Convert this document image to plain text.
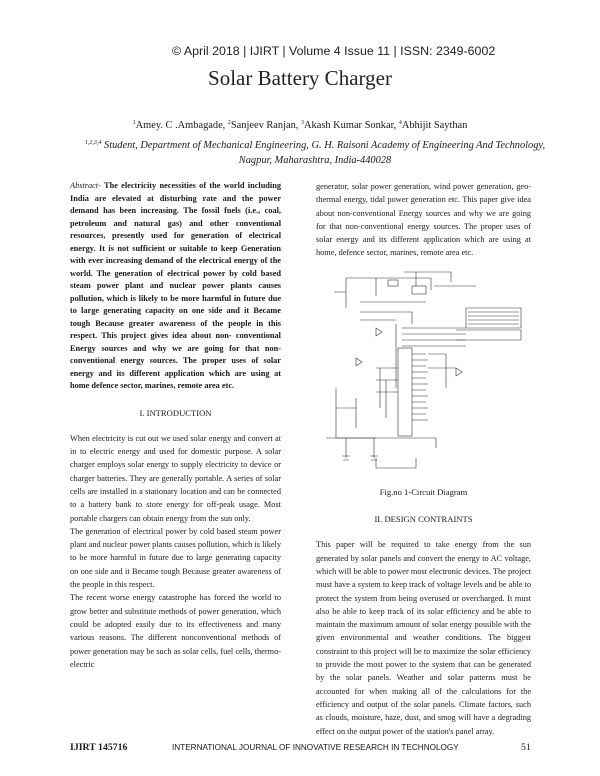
© April 2018 | IJIRT | Volume 4 Issue 11 | ISSN: 2349-6002
Solar Battery Charger
$^1$Amey. C .Ambagade, $^2$Sanjeev Ranjan, $^3$Akash Kumar Sonkar, $^4$Abhijit Saythan
$^{1,2,3,4}$ Student, Department of Mechanical Engineering, G. H. Raisoni Academy of Engineering And Technology, Nagpur, Maharashtra, India-440028

Abstract- The electricity necessities of the world including India are elevated at disturbing rate and the power demand has been increasing. The fossil fuels (i.e., coal, petroleum and natural gas) and other conventional resources, presently used for generation of electrical energy. It is not sufficient or suitable to keep Generation with ever increasing demand of the electrical energy of the world. The generation of electrical power by cold based steam power plant and nuclear power plants causes pollution, which is likely to be more harmful in future due to large generating capacity on one side and it Became tough Because greater awareness of the people in this respect. This project gives idea about non- conventional Energy sources and why we are going for that non-conventional energy sources. The proper uses of solar energy and its different application which are using at home defence sector, marines, remote area etc.

I. INTRODUCTION

When electricity is cut out we used solar energy and convert at in to electric energy and used for domestic purpose. A solar charger employs solar energy to supply electricity to device or charger batteries. They are generally portable. A series of solar cells are installed in a stationary location and can be connected to a battery bank to store energy for off-peak usage. Most portable chargers can obtain energy from the sun only.

The generation of electrical power by cold based steam power plant and nuclear power plants causes pollution, which is likely to be more harmful in future due to large generating capacity on one side and it Became tough Because greater awareness of the people in this respect.

The recent worse energy catastrophe has forced the world to grow better and substitute methods of power generation, which could be adopted easily due to its effectiveness and many various reasons. The different nonconventional methods of power generation may be such as solar cells, fuel cells, thermo-electric

generator, solar power generation, wind power generation, geo-thermal energy, tidal power generation etc. This paper give idea about non-conventional Energy sources and why we are going for that non-conventional energy sources. The proper uses of solar energy and its different application which are using at home, defence sector, marines, remote area etc.

Fig.no 1-Circuit Diagram
II. DESIGN CONTRAINTS

This paper will be required to take energy from the sun generated by solar panels and convert the energy to AC voltage, which will be able to power most electronic devices. The project must have a system to keep track of voltage levels and be able to protect the system from being overused or overcharged. It must also be able to keep track of its solar efficiency and be able to maintain the maximum amount of solar energy possible with the given environmental and weather conditions. The biggest constraint to this project will be to maximize the solar efficiency to provide the most power to the system that can be generated by the solar panels. Weather and solar patterns must be accounted for when making all of the calculations for the efficiency and output of the solar panels. Climate factors, such as clouds, moisture, haze, dust, and smog will have a degrading effect on the output power of the station's panel array.

IJIRT 145716	INTERNATIONAL JOURNAL OF INNOVATIVE RESEARCH IN TECHNOLOGY	51
